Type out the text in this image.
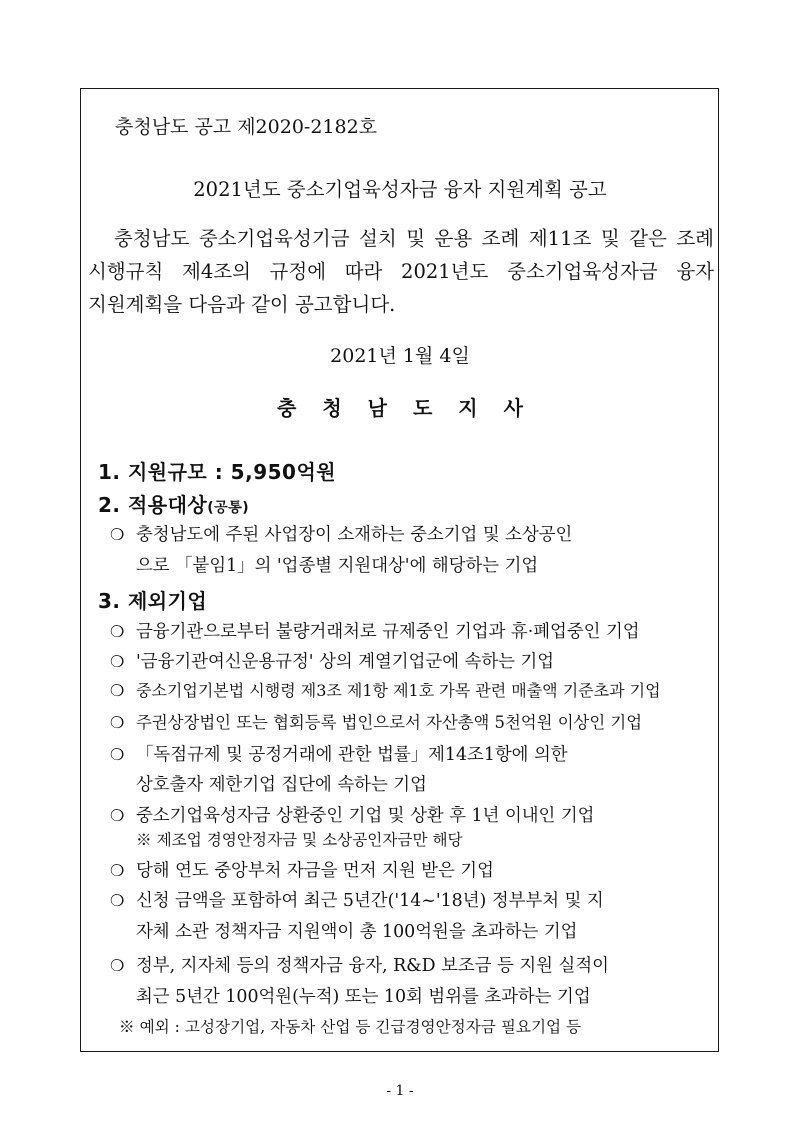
충청남도 공고 제2020-2182호
2021년도 중소기업육성자금 융자 지원계획 공고
충청남도 중소기업육성기금 설치 및 운용 조례 제11조 및 같은 조례 시행규칙 제4조의 규정에 따라 2021년도 중소기업육성자금 융자 지원계획을 다음과 같이 공고합니다.
2021년 1월 4일
충청남도지사
1. 지원규모 : 5,950억원
2. 적용대상(공통)
❍ 충청남도에 주된 사업장이 소재하는 중소기업 및 소상공인
으로 「붙임1」의 '업종별 지원대상'에 해당하는 기업
3. 제외기업
❍ 금융기관으로부터 불량거래처로 규제중인 기업과 휴·폐업중인 기업
❍ '금융기관여신운용규정' 상의 계열기업군에 속하는 기업
❍ 중소기업기본법 시행령 제3조 제1항 제1호 가목 관련 매출액 기준초과 기업
❍ 주권상장법인 또는 협회등록 법인으로서 자산총액 5천억원 이상인 기업
❍ 「독점규제 및 공정거래에 관한 법률」제14조1항에 의한
상호출자 제한기업 집단에 속하는 기업
❍ 중소기업육성자금 상환중인 기업 및 상환 후 1년 이내인 기업
※ 제조업 경영안정자금 및 소상공인자금만 해당
❍ 당해 연도 중앙부처 자금을 먼저 지원 받은 기업
❍ 신청 금액을 포함하여 최근 5년간('14~'18년) 정부부처 및 지
자체 소관 정책자금 지원액이 총 100억원을 초과하는 기업
❍ 정부, 지자체 등의 정책자금 융자, R&D 보조금 등 지원 실적이
최근 5년간 100억원(누적) 또는 10회 범위를 초과하는 기업
※ 예외 : 고성장기업, 자동차 산업 등 긴급경영안정자금 필요기업 등
- 1 -
